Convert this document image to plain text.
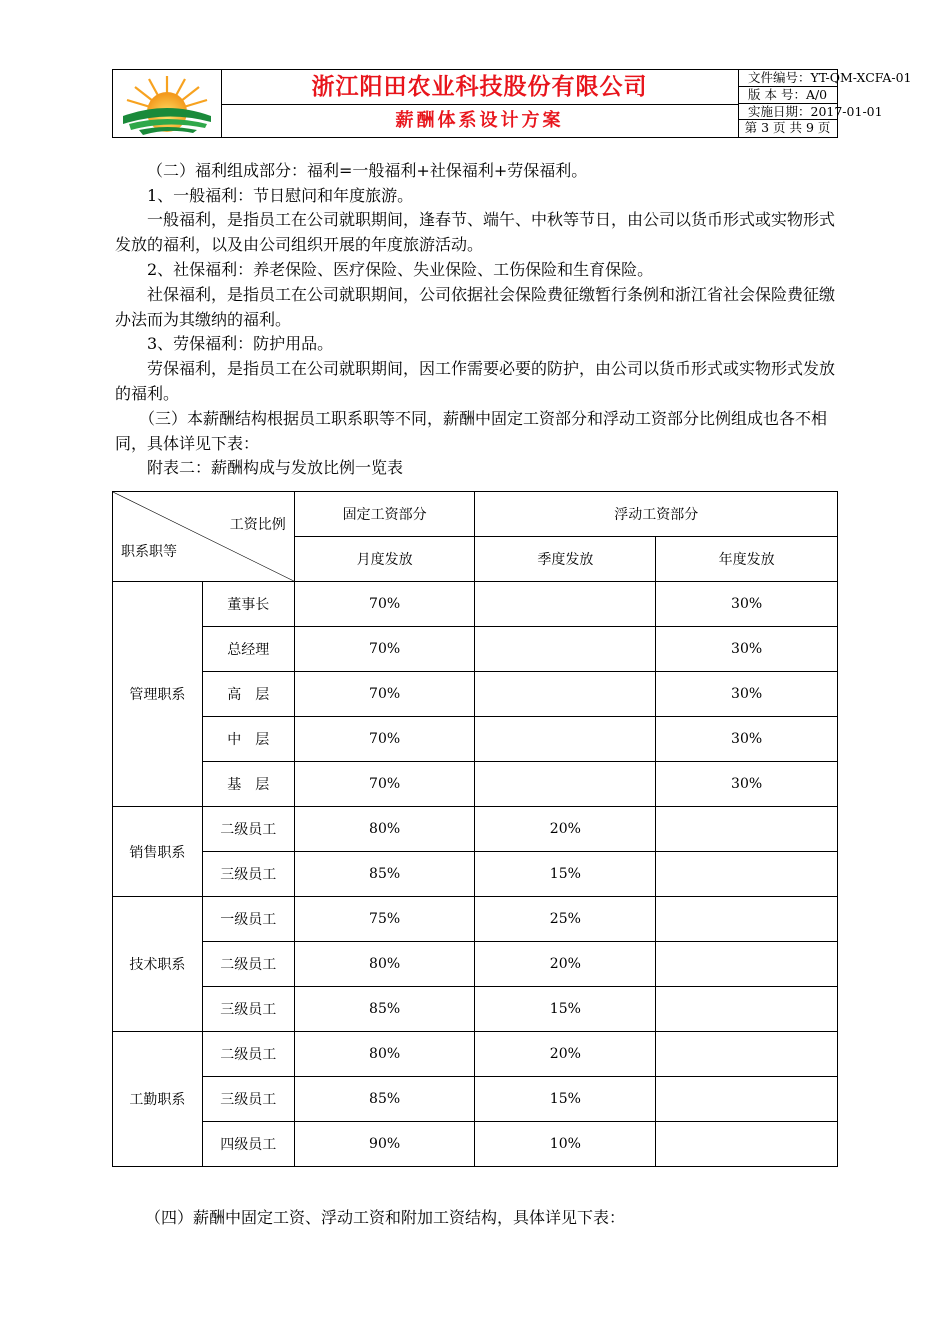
浙江阳田农业科技股份有限公司
薪酬体系设计方案
文件编号：YT-QM-XCFA-01
版 本 号：A/0
实施日期：2017-01-01
第 3 页 共 9 页

（二）福利组成部分：福利=一般福利+社保福利+劳保福利。

1、一般福利：节日慰问和年度旅游。

一般福利，是指员工在公司就职期间，逢春节、端午、中秋等节日，由公司以货币形式或实物形式发放的福利，以及由公司组织开展的年度旅游活动。

2、社保福利：养老保险、医疗保险、失业保险、工伤保险和生育保险。

社保福利，是指员工在公司就职期间，公司依据社会保险费征缴暂行条例和浙江省社会保险费征缴办法而为其缴纳的福利。

3、劳保福利：防护用品。

劳保福利，是指员工在公司就职期间，因工作需要必要的防护，由公司以货币形式或实物形式发放的福利。

（三）本薪酬结构根据员工职系职等不同，薪酬中固定工资部分和浮动工资部分比例组成也各不相同，具体详见下表：

附表二：薪酬构成与发放比例一览表

工资比例
职系职等		固定工资部分	浮动工资部分	
		月度发放	季度发放	年度发放
管理职系	董事长	70%		30%
	总经理	70%		30%
	高　层	70%		30%
	中　层	70%		30%
	基　层	70%		30%
销售职系	二级员工	80%	20%	
	三级员工	85%	15%	
技术职系	一级员工	75%	25%	
	二级员工	80%	20%	
	三级员工	85%	15%	
工勤职系	二级员工	80%	20%	
	三级员工	85%	15%	
	四级员工	90%	10%	

（四）薪酬中固定工资、浮动工资和附加工资结构，具体详见下表：
